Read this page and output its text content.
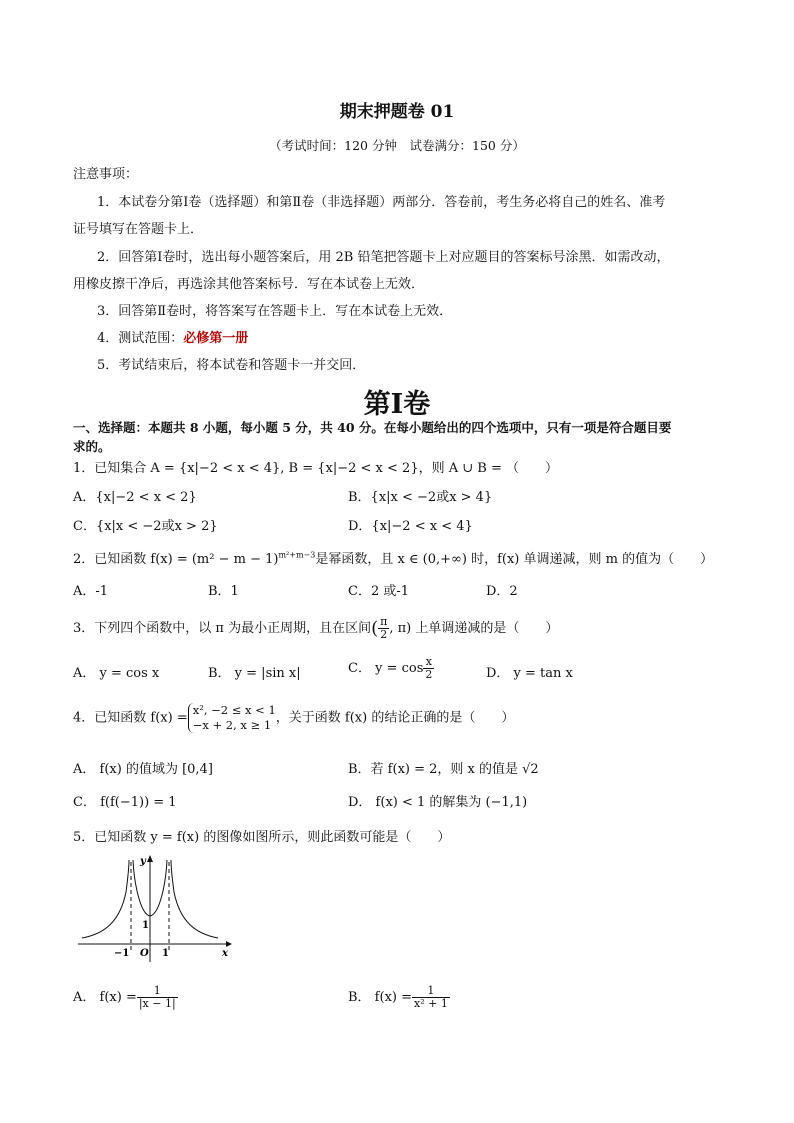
期末押题卷 01
（考试时间：120 分钟　试卷满分：150 分）
注意事项：
1．本试卷分第Ⅰ卷（选择题）和第Ⅱ卷（非选择题）两部分．答卷前，考生务必将自己的姓名、准考
证号填写在答题卡上．
2．回答第Ⅰ卷时，选出每小题答案后，用 2B 铅笔把答题卡上对应题目的答案标号涂黑．如需改动，
用橡皮擦干净后，再选涂其他答案标号．写在本试卷上无效．
3．回答第Ⅱ卷时，将答案写在答题卡上．写在本试卷上无效．
4．测试范围：必修第一册
5．考试结束后，将本试卷和答题卡一并交回．
第Ⅰ卷
一、选择题：本题共 8 小题，每小题 5 分，共 40 分。在每小题给出的四个选项中，只有一项是符合题目要
求的。
1．已知集合 A = {x|−2 < x < 4}, B = {x|−2 < x < 2}，则 A ∪ B = （　　）
A．{x|−2 < x < 2}	B．{x|x < −2或x > 4}
C．{x|x < −2或x > 2}	D．{x|−2 < x < 4}
2．已知函数 $f(x) = (m^2 - m - 1)^{m^2+m-3}$是幂函数，且 x ∈ (0,+∞) 时，f(x) 单调递减，则 m 的值为（　　）
A．-1	B．1	C．2 或-1	D．2
3．下列四个函数中，以 π 为最小正周期，且在区间( $\frac{\pi}{2}$ , π) 上单调递减的是（　　）
A． y = cos x	B． y = |sin x|	C． $y = \cos \frac{x}{2}$	D． y = tan x
4．已知函数 f(x) =
x², −2 ≤ x < 1
−x + 2, x ≥ 1 ，关于函数 f(x) 的结论正确的是（　　）
A． f(x) 的值域为 [0,4]	B．若 f(x) = 2，则 x 的值是 √2
C． f(f(−1)) = 1	D． f(x) < 1 的解集为 (−1,1)
5．已知函数 y = f(x) 的图像如图所示，则此函数可能是（　　）
y
x
−1 O 1
1
A． $f(x) = \frac{1}{|x - 1|}$	B． $f(x) = \frac{1}{\text{x² + 1}}$
